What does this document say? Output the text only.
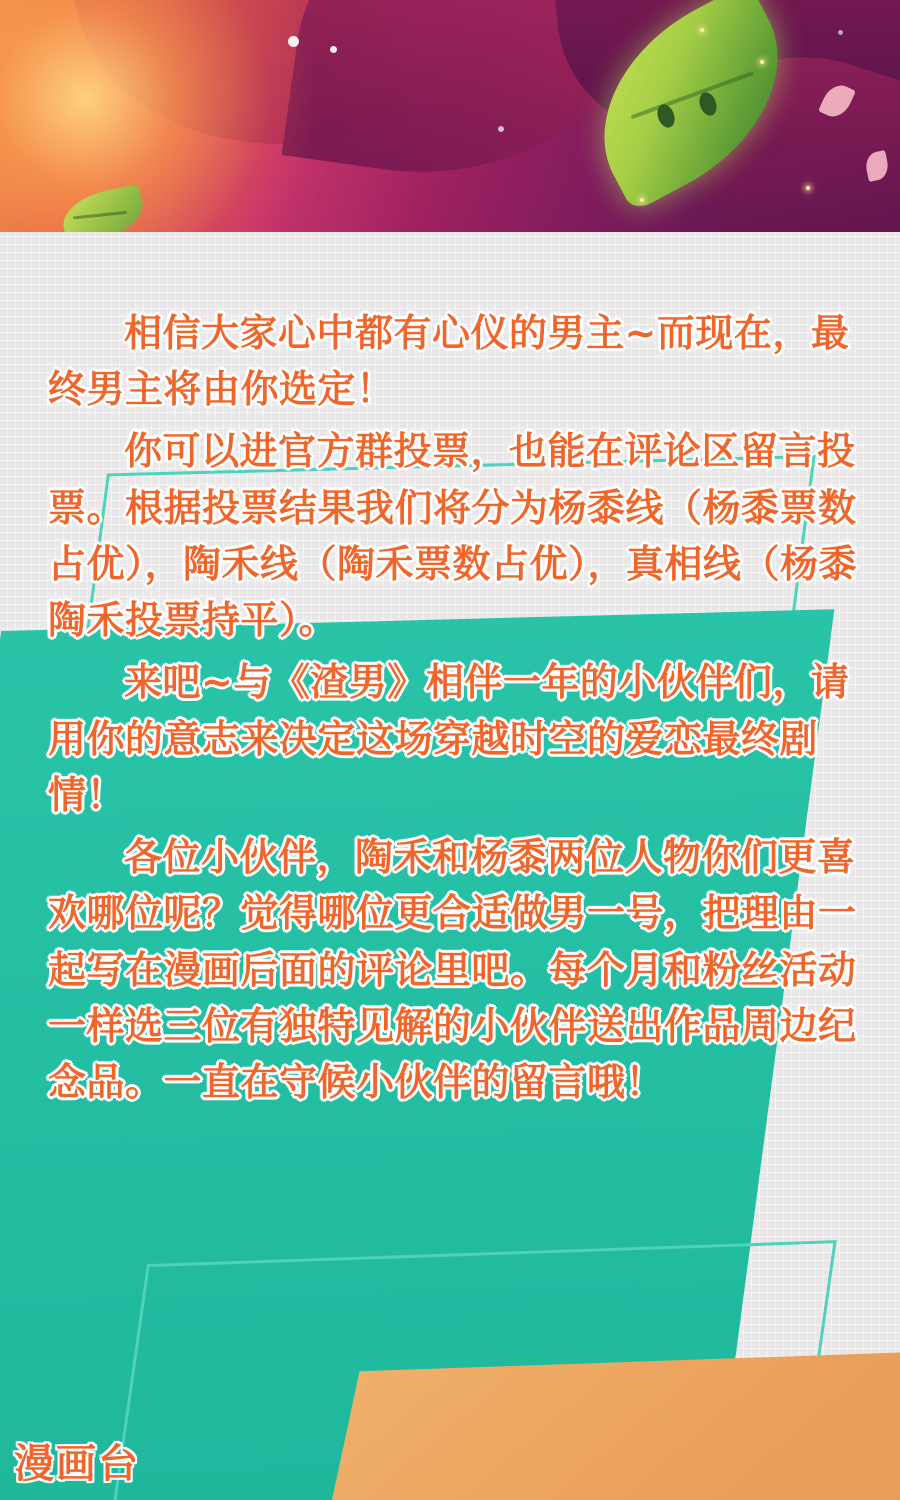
相信大家心中都有心仪的男主~而现在，最终男主将由你选定！

你可以进官方群投票，也能在评论区留言投票。根据投票结果我们将分为杨黍线（杨黍票数占优），陶禾线（陶禾票数占优），真相线（杨黍陶禾投票持平）。

来吧~与《渣男》相伴一年的小伙伴们，请用你的意志来决定这场穿越时空的爱恋最终剧情！

各位小伙伴，陶禾和杨黍两位人物你们更喜欢哪位呢？觉得哪位更合适做男一号，把理由一起写在漫画后面的评论里吧。每个月和粉丝活动一样选三位有独特见解的小伙伴送出作品周边纪念品。一直在守候小伙伴的留言哦！

漫画台
